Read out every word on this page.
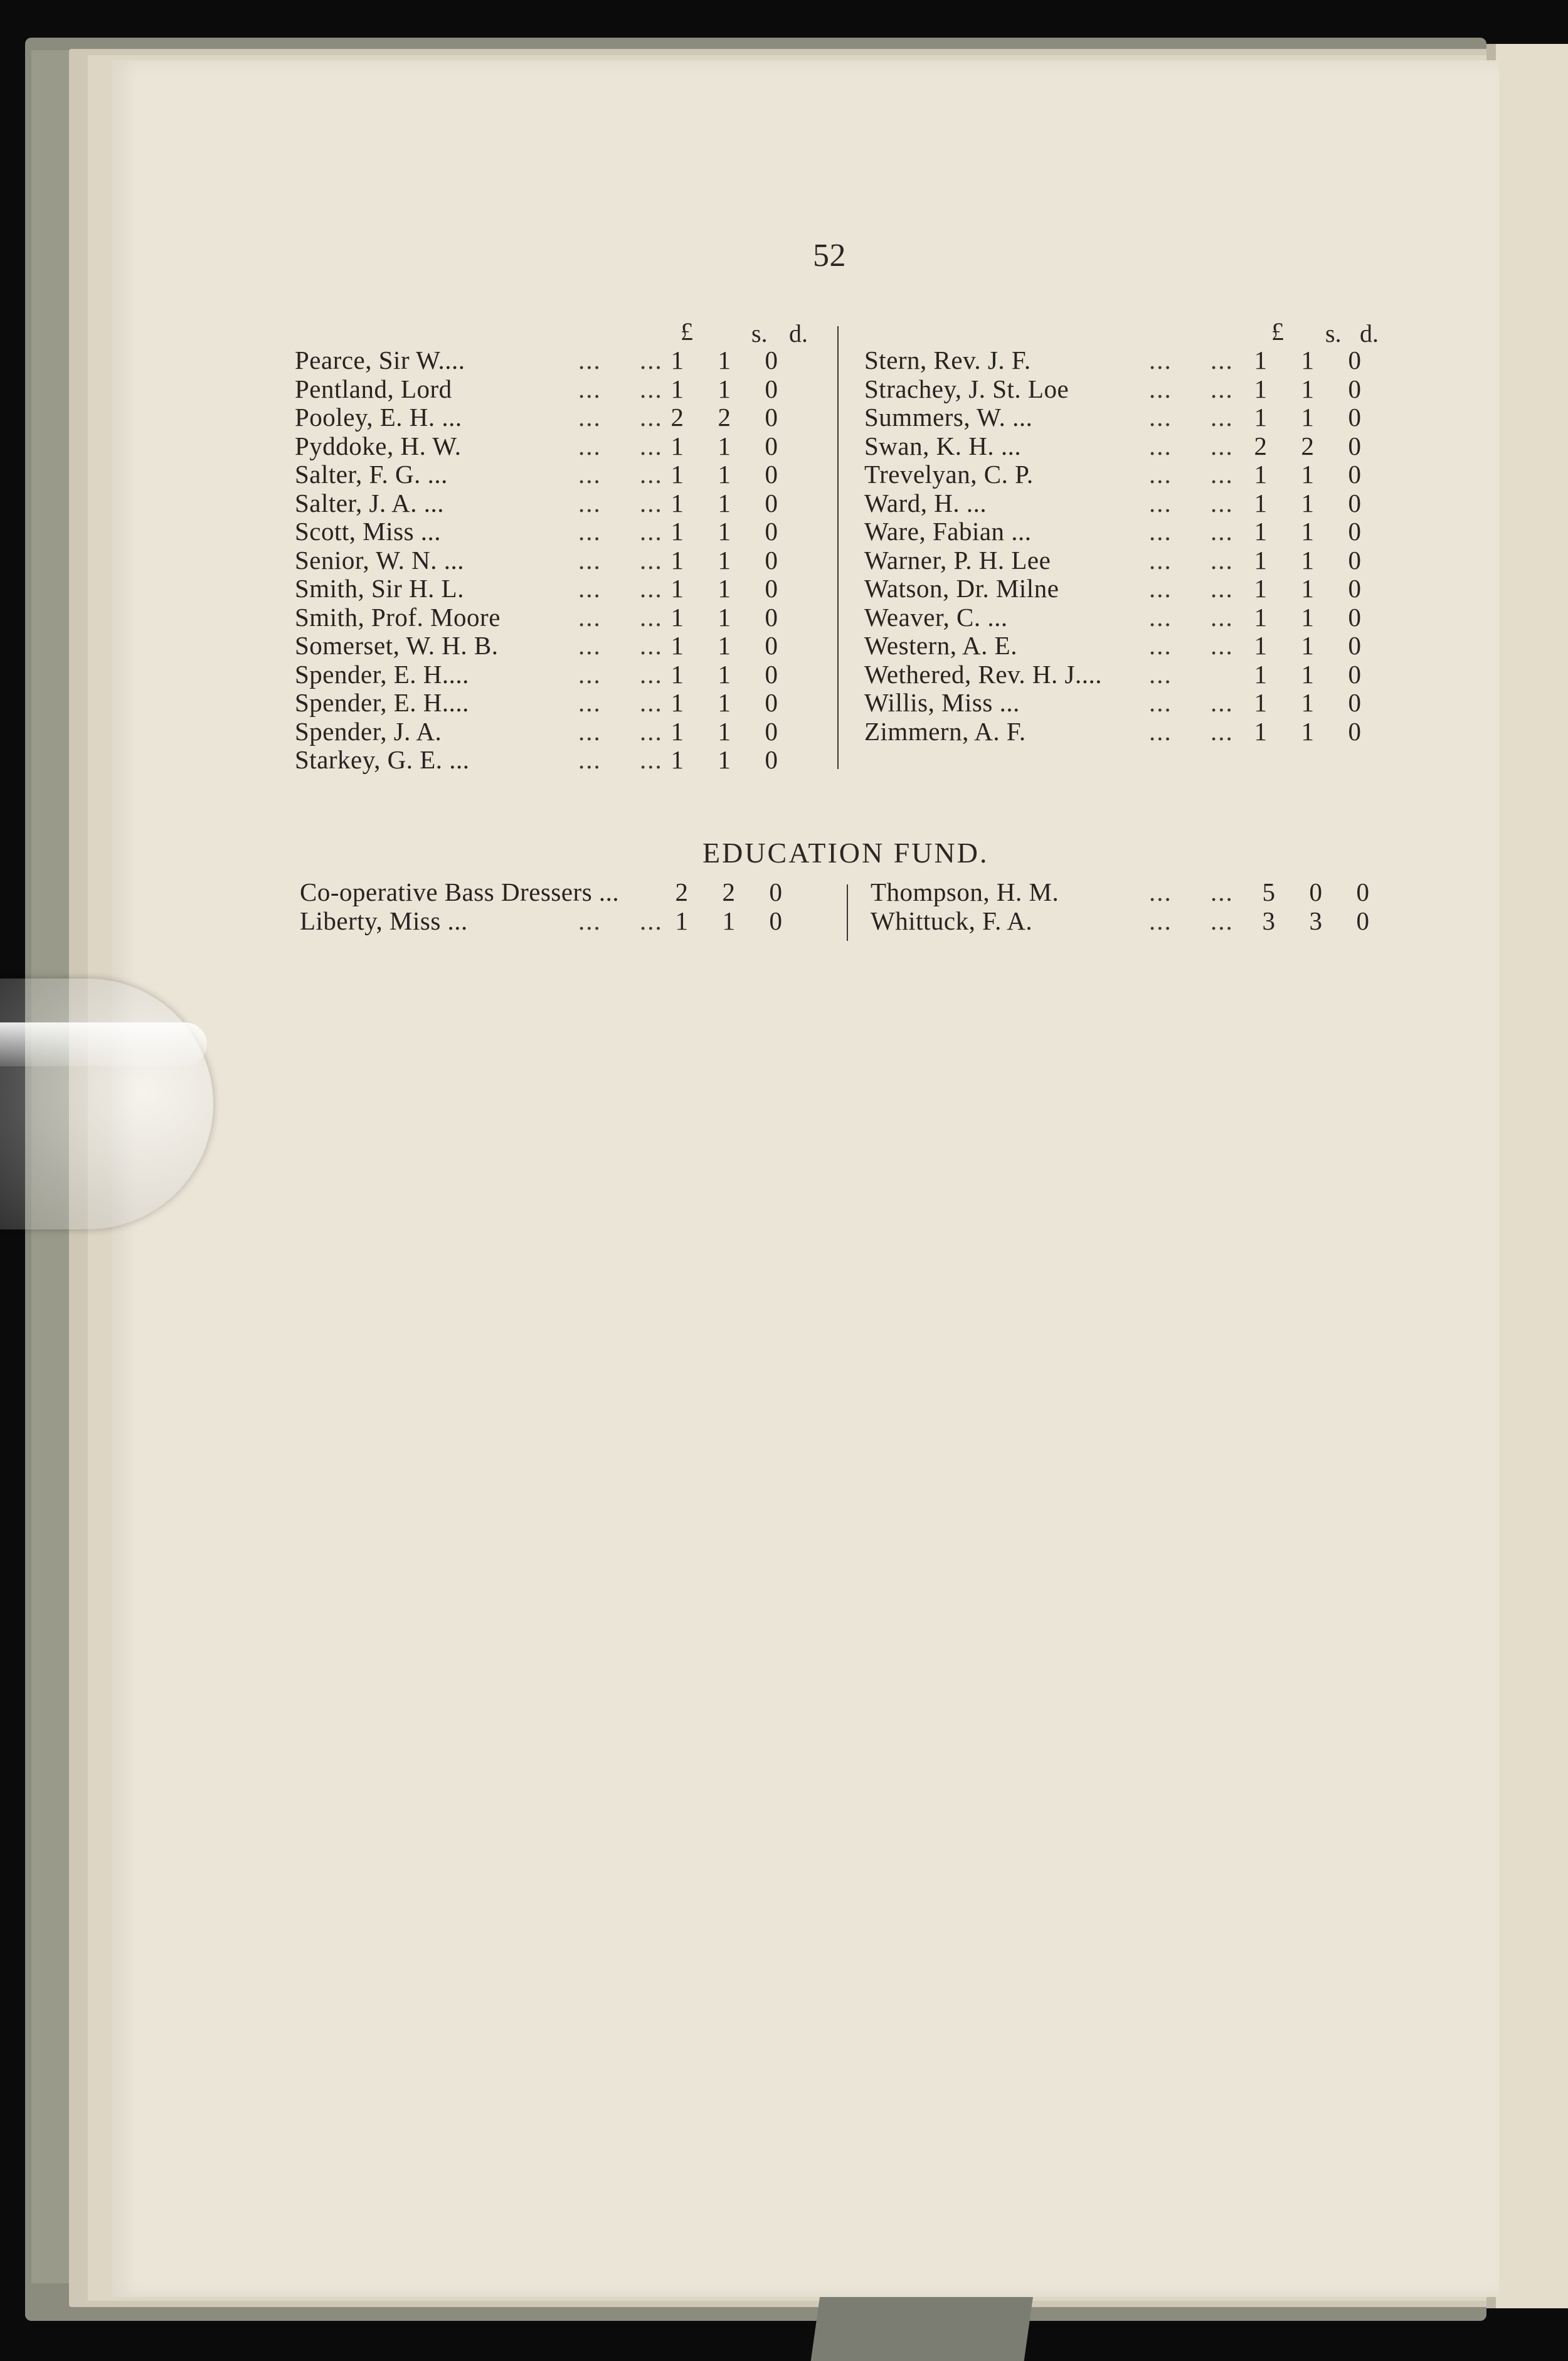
52
£ s. d.	£ s. d.
Pearce, Sir W....	...     ... 1 1 0
Pentland, Lord	...     ... 1 1 0
Pooley, E. H. ...	...     ... 2 2 0
Pyddoke, H. W.	...     ... 1 1 0
Salter, F. G. ...	...     ... 1 1 0
Salter, J. A. ...	...     ... 1 1 0
Scott, Miss ...	...     ... 1 1 0
Senior, W. N. ...	...     ... 1 1 0
Smith, Sir H. L.	...     ... 1 1 0
Smith, Prof. Moore	...     ... 1 1 0
Somerset, W. H. B.	...     ... 1 1 0
Spender, E. H....	...     ... 1 1 0
Spender, E. H....	...     ... 1 1 0
Spender, J. A.	...     ... 1 1 0
Starkey, G. E. ...	...     ... 1 1 0
Stern, Rev. J. F.	...     ... 1 1 0
Strachey, J. St. Loe	...     ... 1 1 0
Summers, W. ...	...     ... 1 1 0
Swan, K. H. ...	...     ... 2 2 0
Trevelyan, C. P.	...     ... 1 1 0
Ward, H. ...	...     ... 1 1 0
Ware, Fabian ...	...     ... 1 1 0
Warner, P. H. Lee	...     ... 1 1 0
Watson, Dr. Milne	...     ... 1 1 0
Weaver, C. ...	...     ... 1 1 0
Western, A. E.	...     ... 1 1 0
Wethered, Rev. H. J.... ...	1 1 0
Willis, Miss ...	...     ... 1 1 0
Zimmern, A. F.	...     ... 1 1 0
EDUCATION FUND.
Co-operative Bass Dressers ... 2 2 0
Liberty, Miss ...	...     ... 1 1 0
Thompson, H. M.	...     ... 5 0 0
Whittuck, F. A.	...     ... 3 3 0
